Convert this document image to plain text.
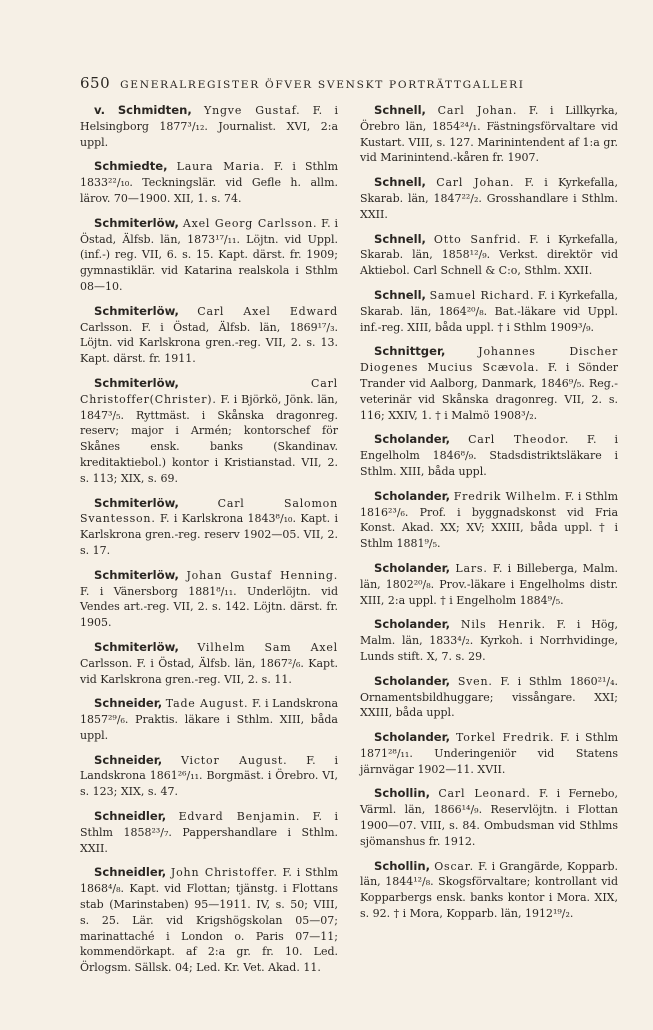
650 GENERALREGISTER ÖFVER SVENSKT PORTRÄTTGALLERI

v. Schmidten, Yngve Gustaf. F. i Helsingborg 1877³/₁₂. Journalist. XVI, 2:a uppl.

Schmiedte, Laura Maria. F. i Sthlm 1833²²/₁₀. Teckningslär. vid Gefle h. allm. lärov. 70—1900. XII, 1. s. 74.

Schmiterlöw, Axel Georg Carlsson. F. i Östad, Älfsb. län, 1873¹⁷/₁₁. Löjtn. vid Uppl. (inf.-) reg. VII, 6. s. 15. Kapt. därst. fr. 1909; gymnastiklär. vid Katarina realskola i Sthlm 08—10.

Schmiterlöw, Carl Axel Edward Carlsson. F. i Östad, Älfsb. län, 1869¹⁷/₃. Löjtn. vid Karlskrona gren.-reg. VII, 2. s. 13. Kapt. därst. fr. 1911.

Schmiterlöw,	Carl Christoffer(Christer). F. i Björkö, Jönk. län, 1847³/₅. Ryttmäst. i Skånska dragonreg. reserv; major i Armén; kontorschef för Skånes ensk. banks (Skandinav. kreditaktiebol.) kontor i Kristianstad. VII, 2. s. 113; XIX, s. 69.

Schmiterlöw,	Carl Salomon Svantesson. F. i Karlskrona 1843⁸/₁₀. Kapt. i Karlskrona gren.-reg. reserv 1902—05. VII, 2. s. 17.

Schmiterlöw, Johan Gustaf Henning. F. i Vänersborg 1881⁸/₁₁. Underlöjtn. vid Vendes art.-reg. VII, 2. s. 142. Löjtn. därst. fr. 1905.

Schmiterlöw, Vilhelm Sam Axel Carlsson. F. i Östad, Älfsb. län, 1867²/₆. Kapt. vid Karlskrona gren.-reg. VII, 2. s. 11.

Schneider, Tade August. F. i Landskrona 1857²⁹/₆. Praktis. läkare i Sthlm. XIII, båda uppl.

Schneider, Victor August. F. i Landskrona 1861²⁶/₁₁. Borgmäst. i Örebro. VI, s. 123; XIX, s. 47.

Schneidler, Edvard Benjamin. F. i Sthlm 1858²³/₇. Pappershandlare i Sthlm. XXII.

Schneidler, John Christoffer. F. i Sthlm 1868⁴/₈. Kapt. vid Flottan; tjänstg. i Flottans stab (Marinstaben) 95—1911. IV, s. 50; VIII, s. 25. Lär. vid Krigshögskolan 05—07; marinattaché i London o. Paris 07—11; kommendörkapt. af 2:a gr. fr. 10. Led. Örlogsm. Sällsk. 04; Led. Kr. Vet. Akad. 11.

Schnell, Carl Johan. F. i Lillkyrka, Örebro län, 1854²⁴/₁. Fästningsförvaltare vid Kustart. VIII, s. 127. Marinintendent af 1:a gr. vid Marinintend.-kåren fr. 1907.

Schnell, Carl Johan. F. i Kyrkefalla, Skarab. län, 1847²²/₂. Grosshandlare i Sthlm. XXII.

Schnell, Otto Sanfrid. F. i Kyrkefalla, Skarab. län, 1858¹²/₉. Verkst. direktör vid Aktiebol. Carl Schnell & C:o, Sthlm. XXII.

Schnell, Samuel Richard. F. i Kyrkefalla, Skarab. län, 1864²⁰/₈. Bat.-läkare vid Uppl. inf.-reg. XIII, båda uppl. † i Sthlm 1909³/₉.

Schnittger,	Johannes Discher Diogenes Mucius Scævola. F. i Sönder Trander vid Aalborg, Danmark, 1846⁹/₅. Reg.-veterinär vid Skånska dragonreg. VII, 2. s. 116; XXIV, 1. † i Malmö 1908³/₂.

Scholander, Carl Theodor. F. i Engelholm 1846⁸/₉. Stadsdistriktsläkare i Sthlm. XIII, båda uppl.

Scholander, Fredrik Wilhelm. F. i Sthlm 1816²³/₆. Prof. i byggnadskonst vid Fria Konst. Akad. XX; XV; XXIII, båda uppl. † i Sthlm 1881⁹/₅.

Scholander, Lars. F. i Billeberga, Malm. län, 1802²⁰/₈. Prov.-läkare i Engelholms distr. XIII, 2:a uppl. † i Engelholm 1884⁹/₅.

Scholander, Nils Henrik. F. i Hög, Malm. län, 1833⁴/₂. Kyrkoh. i Norrhvidinge, Lunds stift. X, 7. s. 29.

Scholander, Sven. F. i Sthlm 1860²¹/₄. Ornamentsbildhuggare; vissångare. XXI; XXIII, båda uppl.

Scholander, Torkel Fredrik. F. i Sthlm 1871²⁸/₁₁. Underingeniör vid Statens järnvägar 1902—11. XVII.

Schollin, Carl Leonard. F. i Fernebo, Värml. län, 1866¹⁴/₉. Reservlöjtn. i Flottan 1900—07. VIII, s. 84. Ombudsman vid Sthlms sjömanshus fr. 1912.

Schollin, Oscar. F. i Grangärde, Kopparb. län, 1844¹²/₈. Skogsförvaltare; kontrollant vid Kopparbergs ensk. banks kontor i Mora. XIX, s. 92. † i Mora, Kopparb. län, 1912¹⁹/₂.
